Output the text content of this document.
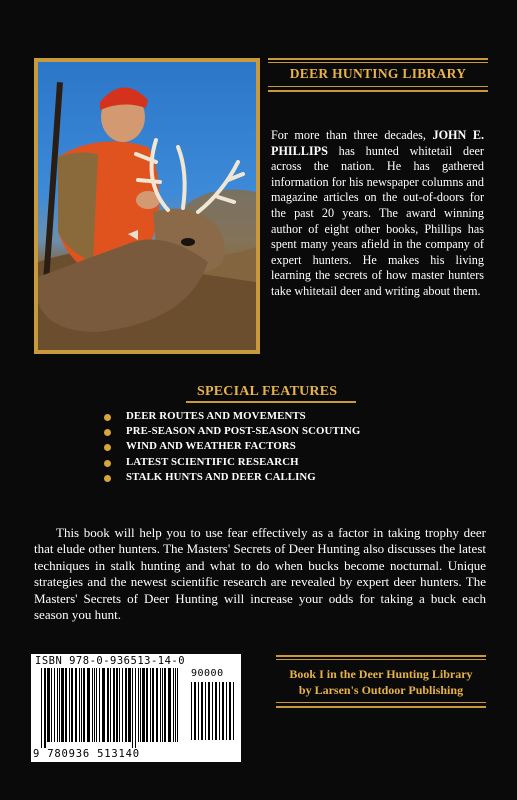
DEER HUNTING LIBRARY
For more than three decades, JOHN E. PHILLIPS has hunted whitetail deer across the nation. He has gathered information for his newspaper columns and magazine articles on the out-of-doors for the past 20 years. The award winning author of eight other books, Phillips has spent many years afield in the company of expert hunters. He makes his living learning the secrets of how master hunters take whitetail deer and writing about them.
SPECIAL FEATURES
DEER ROUTES AND MOVEMENTS
PRE-SEASON AND POST-SEASON SCOUTING
WIND AND WEATHER FACTORS
LATEST SCIENTIFIC RESEARCH
STALK HUNTS AND DEER CALLING
This book will help you to use fear effectively as a factor in taking trophy deer that elude other hunters. The Masters' Secrets of Deer Hunting also discusses the latest techniques in stalk hunting and what to do when bucks become nocturnal. Unique strategies and the newest scientific research are revealed by expert deer hunters. The Masters' Secrets of Deer Hunting will increase your odds for taking a buck each season you hunt.
ISBN 978-0-936513-14-0
90000
9 780936 513140
Book I in the Deer Hunting Library
by Larsen's Outdoor Publishing
